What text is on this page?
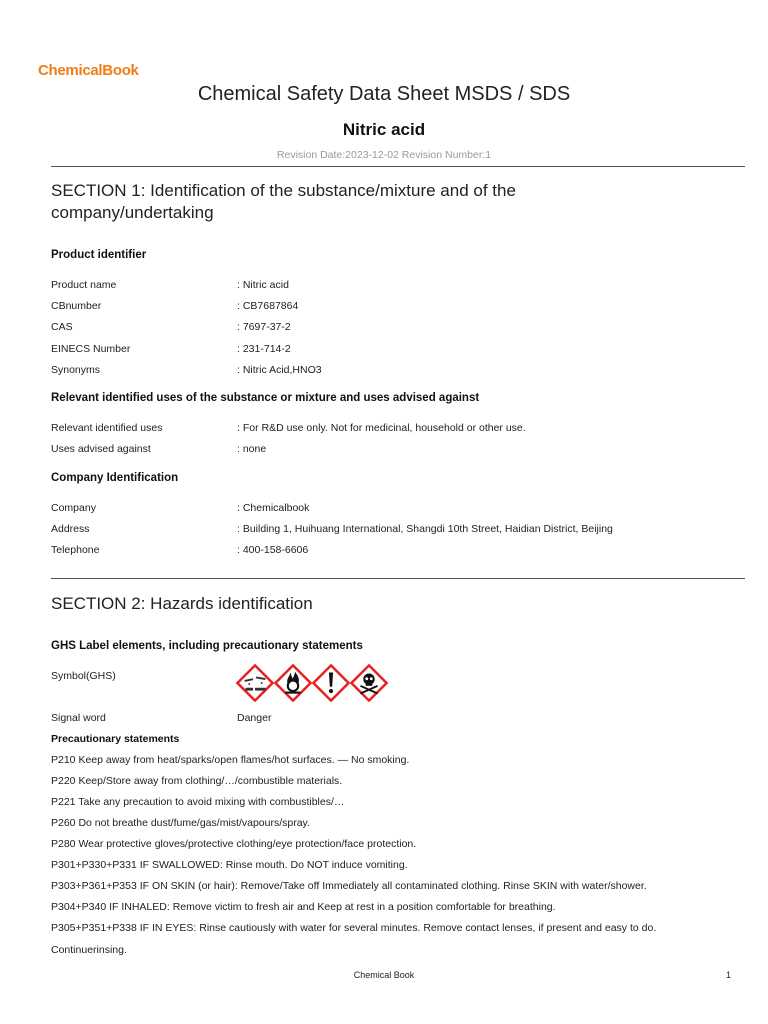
ChemicalBook
Chemical Safety Data Sheet MSDS / SDS
Nitric acid
Revision Date:2023-12-02 Revision Number:1
SECTION 1: Identification of the substance/mixture and of the company/undertaking
Product identifier
Product name	: Nitric acid
CBnumber	: CB7687864
CAS	: 7697-37-2
EINECS Number	: 231-714-2
Synonyms	: Nitric Acid,HNO3
Relevant identified uses of the substance or mixture and uses advised against
Relevant identified uses	: For R&D use only. Not for medicinal, household or other use.
Uses advised against	: none
Company Identification
Company	: Chemicalbook
Address	: Building 1, Huihuang International, Shangdi 10th Street, Haidian District, Beijing
Telephone	: 400-158-6606
SECTION 2: Hazards identification
GHS Label elements, including precautionary statements
Symbol(GHS)
Signal word	Danger
Precautionary statements
P210 Keep away from heat/sparks/open flames/hot surfaces. — No smoking.
P220 Keep/Store away from clothing/…/combustible materials.
P221 Take any precaution to avoid mixing with combustibles/…
P260 Do not breathe dust/fume/gas/mist/vapours/spray.
P280 Wear protective gloves/protective clothing/eye protection/face protection.
P301+P330+P331 IF SWALLOWED: Rinse mouth. Do NOT induce vomiting.
P303+P361+P353 IF ON SKIN (or hair): Remove/Take off Immediately all contaminated clothing. Rinse SKIN with water/shower.
P304+P340 IF INHALED: Remove victim to fresh air and Keep at rest in a position comfortable for breathing.
P305+P351+P338 IF IN EYES: Rinse cautiously with water for several minutes. Remove contact lenses, if present and easy to do.
Continuerinsing.
Chemical Book	1
